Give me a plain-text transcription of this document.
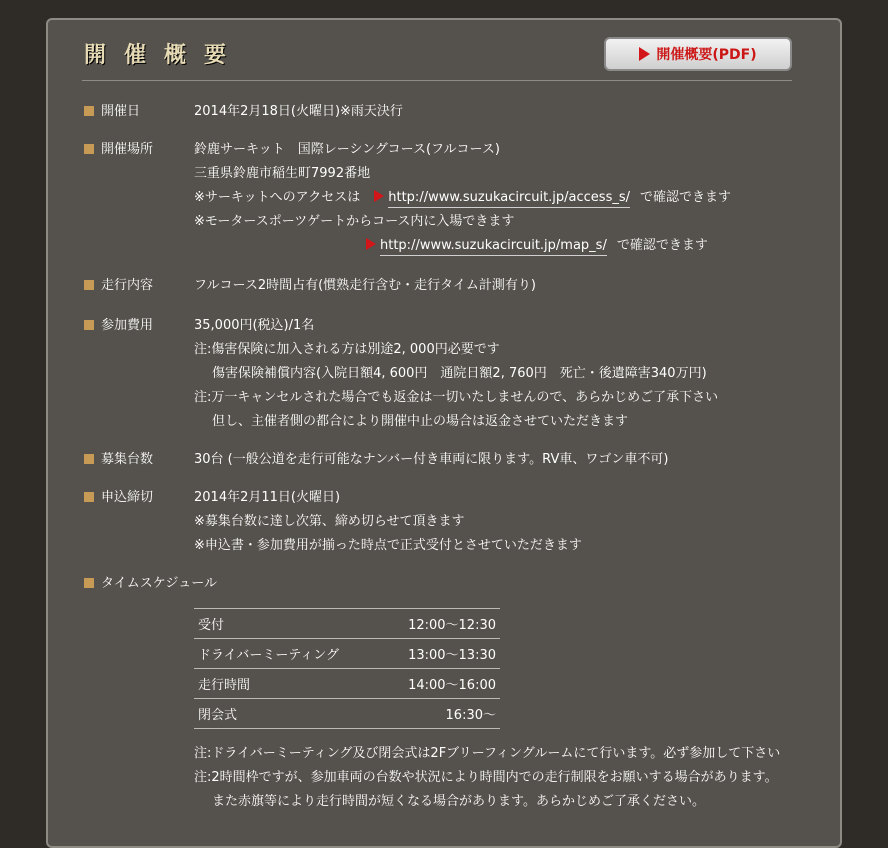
開催概要	開催概要(PDF)
開催日	2014年2月18日(火曜日)※雨天決行
開催場所	鈴鹿サーキット　国際レーシングコース(フルコース)
三重県鈴鹿市稲生町7992番地
※サーキットへのアクセスは http://www.suzukacircuit.jp/access_s/ で確認できます
※モータースポーツゲートからコース内に入場できます
http://www.suzukacircuit.jp/map_s/ で確認できます
走行内容	フルコース2時間占有(慣熟走行含む・走行タイム計測有り)
参加費用	35,000円(税込)/1名
注:傷害保険に加入される方は別途2, 000円必要です
傷害保険補償内容(入院日額4, 600円　通院日額2, 760円　死亡・後遺障害340万円)
注:万一キャンセルされた場合でも返金は一切いたしませんので、あらかじめご了承下さい
但し、主催者側の都合により開催中止の場合は返金させていただきます
募集台数	30台 (一般公道を走行可能なナンバー付き車両に限ります。RV車、ワゴン車不可)
申込締切	2014年2月11日(火曜日)
※募集台数に達し次第、締め切らせて頂きます
※申込書・参加費用が揃った時点で正式受付とさせていただきます
タイムスケジュール
受付	12:00～12:30
ドライバーミーティング	13:00～13:30
走行時間	14:00～16:00
閉会式	16:30～
注:ドライバーミーティング及び閉会式は2Fブリーフィングルームにて行います。必ず参加して下さい
注:2時間枠ですが、参加車両の台数や状況により時間内での走行制限をお願いする場合があります。
また赤旗等により走行時間が短くなる場合があります。あらかじめご了承ください。
